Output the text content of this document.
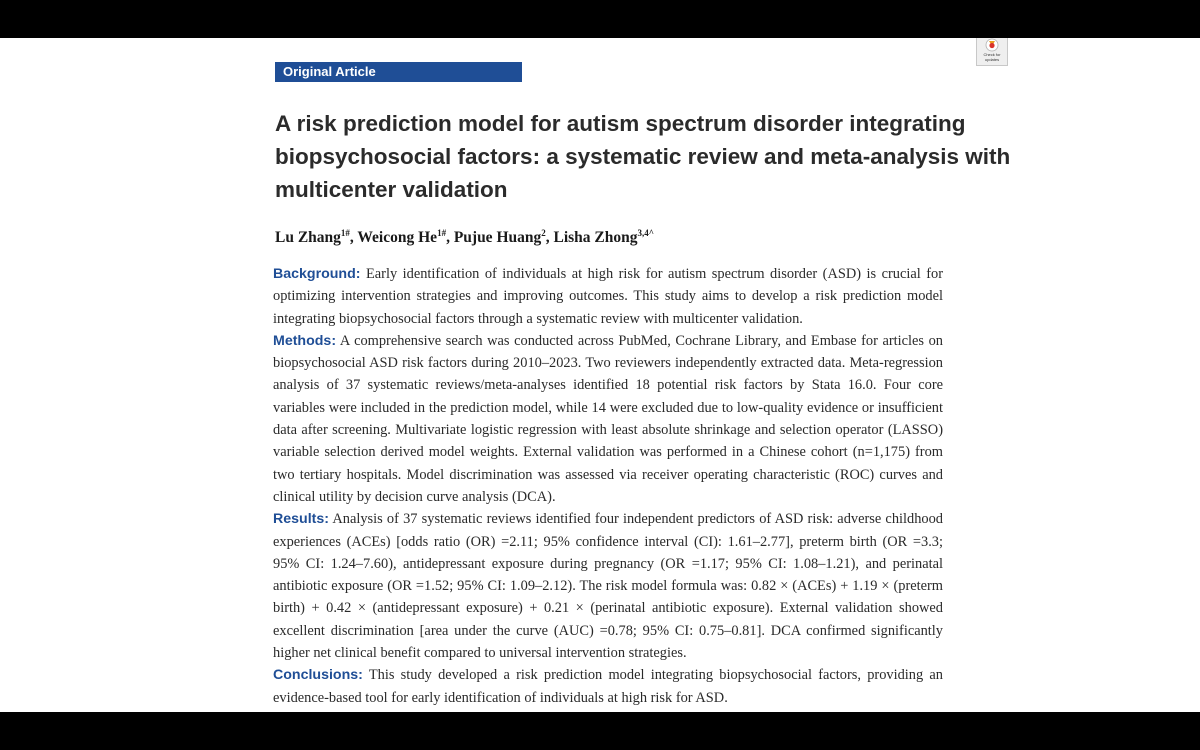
Original Article
Check for
updates
A risk prediction model for autism spectrum disorder integrating biopsychosocial factors: a systematic review and meta-analysis with multicenter validation
Lu Zhang$^{1\#}$, Weicong $He^{1\#}$, Pujue Huang$^2$, Lisha Zhong$^{3,4\^{}}$

Background: Early identification of individuals at high risk for autism spectrum disorder (ASD) is crucial for optimizing intervention strategies and improving outcomes. This study aims to develop a risk prediction model integrating biopsychosocial factors through a systematic review with multicenter validation.

Methods: A comprehensive search was conducted across PubMed, Cochrane Library, and Embase for articles on biopsychosocial ASD risk factors during 2010–2023. Two reviewers independently extracted data. Meta-regression analysis of 37 systematic reviews/meta-analyses identified 18 potential risk factors by Stata 16.0. Four core variables were included in the prediction model, while 14 were excluded due to low-quality evidence or insufficient data after screening. Multivariate logistic regression with least absolute shrinkage and selection operator (LASSO) variable selection derived model weights. External validation was performed in a Chinese cohort (n=1,175) from two tertiary hospitals. Model discrimination was assessed via receiver operating characteristic (ROC) curves and clinical utility by decision curve analysis (DCA).

Results: Analysis of 37 systematic reviews identified four independent predictors of ASD risk: adverse childhood experiences (ACEs) [odds ratio (OR) =2.11; 95% confidence interval (CI): 1.61–2.77], preterm birth (OR =3.3; 95% CI: 1.24–7.60), antidepressant exposure during pregnancy (OR =1.17; 95% CI: 1.08–1.21), and perinatal antibiotic exposure (OR =1.52; 95% CI: 1.09–2.12). The risk model formula was: 0.82 × (ACEs) + 1.19 × (preterm birth) + 0.42 × (antidepressant exposure) + 0.21 × (perinatal antibiotic exposure). External validation showed excellent discrimination [area under the curve (AUC) =0.78; 95% CI: 0.75–0.81]. DCA confirmed significantly higher net clinical benefit compared to universal intervention strategies.

Conclusions: This study developed a risk prediction model integrating biopsychosocial factors, providing an evidence-based tool for early identification of individuals at high risk for ASD.
